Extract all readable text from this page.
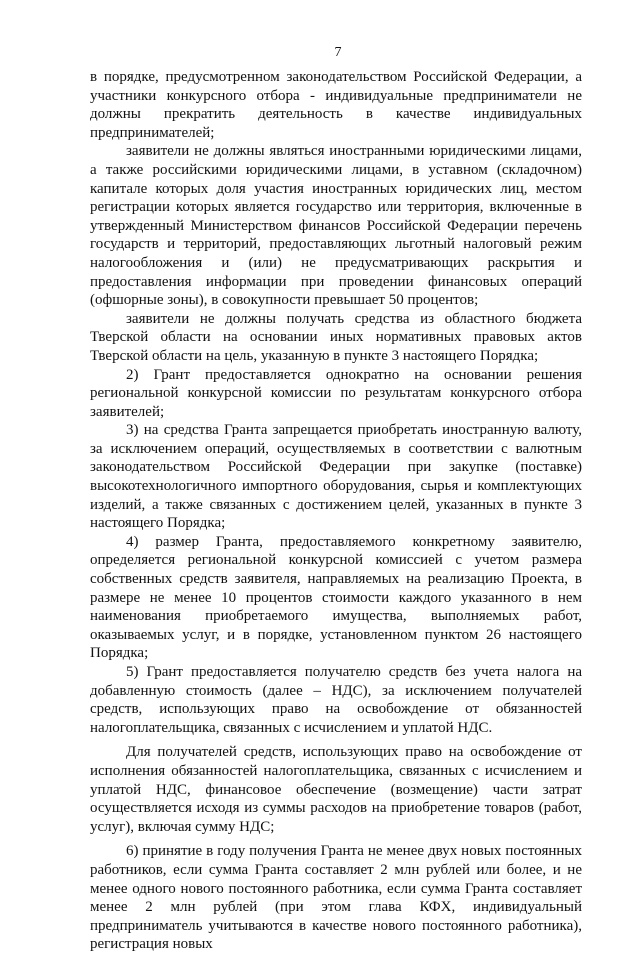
7

в порядке, предусмотренном законодательством Российской Федерации, а участники конкурсного отбора - индивидуальные предприниматели не должны прекратить деятельность в качестве индивидуальных предпринимателей;

заявители не должны являться иностранными юридическими лицами, а также российскими юридическими лицами, в уставном (складочном) капитале которых доля участия иностранных юридических лиц, местом регистрации которых является государство или территория, включенные в утвержденный Министерством финансов Российской Федерации перечень государств и территорий, предоставляющих льготный налоговый режим налогообложения и (или) не предусматривающих раскрытия и предоставления информации при проведении финансовых операций (офшорные зоны), в совокупности превышает 50 процентов;

заявители не должны получать средства из областного бюджета Тверской области на основании иных нормативных правовых актов Тверской области на цель, указанную в пункте 3 настоящего Порядка;

2) Грант предоставляется однократно на основании решения региональной конкурсной комиссии по результатам конкурсного отбора заявителей;

3) на средства Гранта запрещается приобретать иностранную валюту, за исключением операций, осуществляемых в соответствии с валютным законодательством Российской Федерации при закупке (поставке) высокотехнологичного импортного оборудования, сырья и комплектующих изделий, а также связанных с достижением целей, указанных в пункте 3 настоящего Порядка;

4) размер Гранта, предоставляемого конкретному заявителю, определяется региональной конкурсной комиссией с учетом размера собственных средств заявителя, направляемых на реализацию Проекта, в размере не менее 10 процентов стоимости каждого указанного в нем наименования приобретаемого имущества, выполняемых работ, оказываемых услуг, и в порядке, установленном пунктом 26 настоящего Порядка;

5) Грант предоставляется получателю средств без учета налога на добавленную стоимость (далее – НДС), за исключением получателей средств, использующих право на освобождение от обязанностей налогоплательщика, связанных с исчислением и уплатой НДС.

Для получателей средств, использующих право на освобождение от исполнения обязанностей налогоплательщика, связанных с исчислением и уплатой НДС, финансовое обеспечение (возмещение) части затрат осуществляется исходя из суммы расходов на приобретение товаров (работ, услуг), включая сумму НДС;

6) принятие в году получения Гранта не менее двух новых постоянных работников, если сумма Гранта составляет 2 млн рублей или более, и не менее одного нового постоянного работника, если сумма Гранта составляет менее 2 млн рублей (при этом глава КФХ, индивидуальный предприниматель учитываются в качестве нового постоянного работника), регистрация новых
